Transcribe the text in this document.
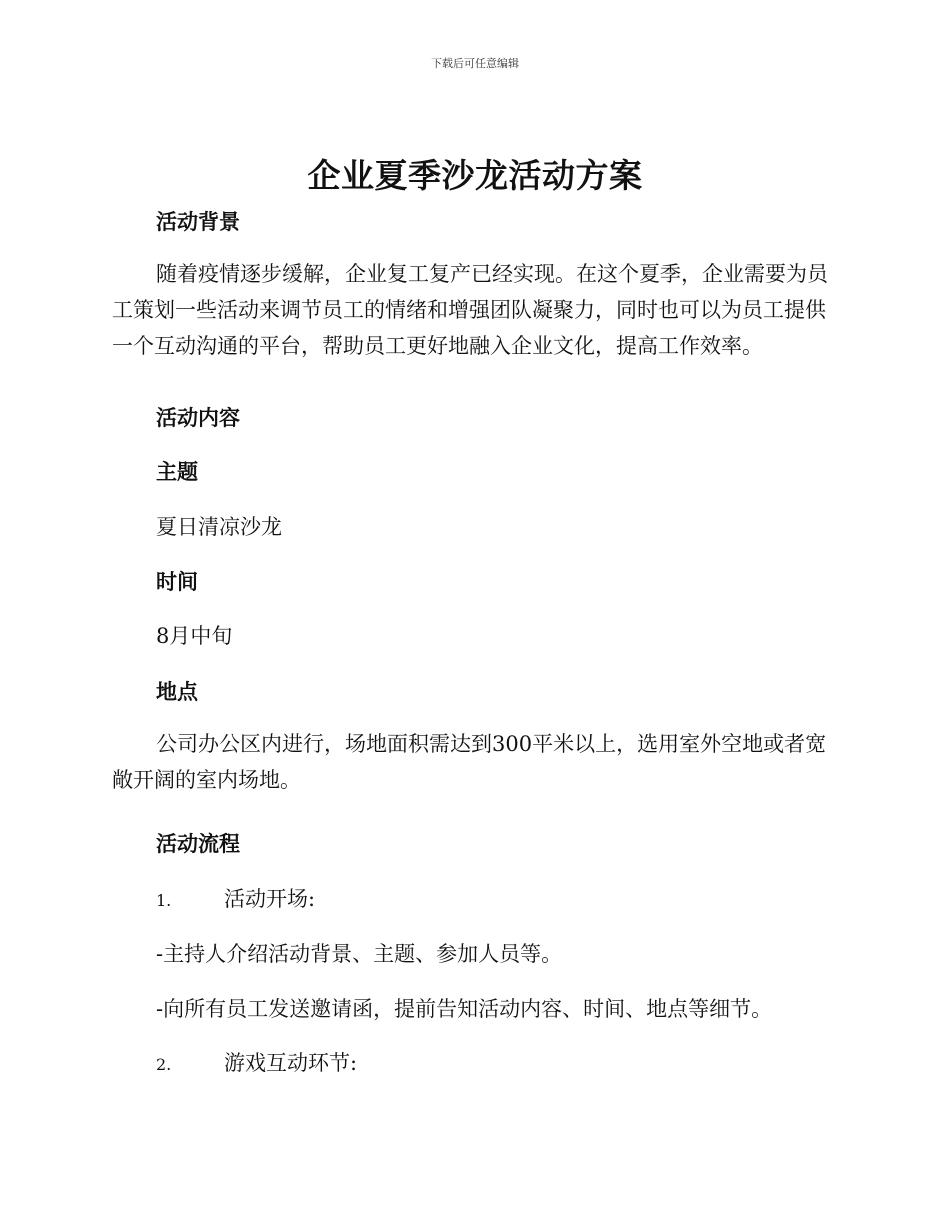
下载后可任意编辑
企业夏季沙龙活动方案
活动背景

随着疫情逐步缓解，企业复工复产已经实现。在这个夏季，企业需要为员工策划一些活动来调节员工的情绪和增强团队凝聚力，同时也可以为员工提供一个互动沟通的平台，帮助员工更好地融入企业文化，提高工作效率。

活动内容
主题

夏日清凉沙龙

时间

8月中旬

地点

公司办公区内进行，场地面积需达到300平米以上，选用室外空地或者宽敞开阔的室内场地。

活动流程
1.	活动开场:

-主持人介绍活动背景、主题、参加人员等。

-向所有员工发送邀请函，提前告知活动内容、时间、地点等细节。

2.	游戏互动环节:
